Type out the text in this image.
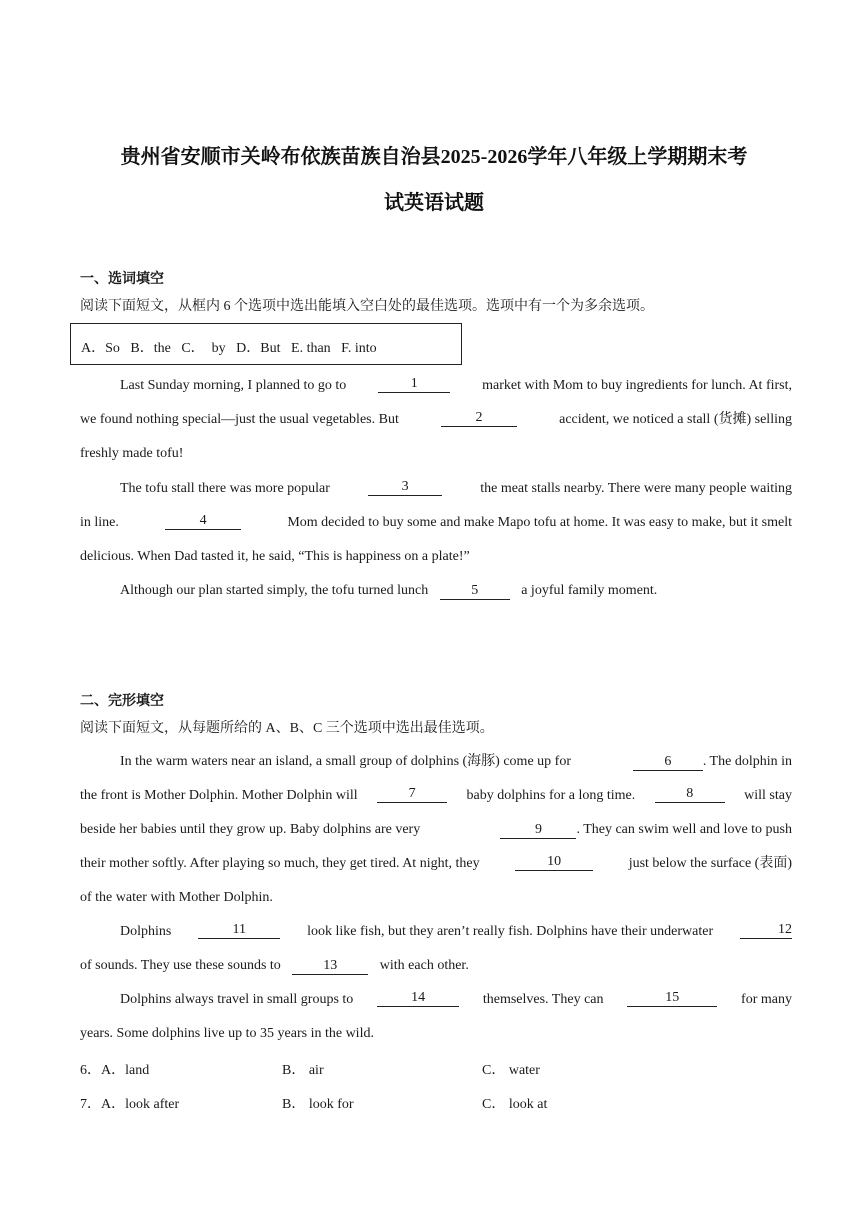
贵州省安顺市关岭布依族苗族自治县2025-2026学年八年级上学期期末考
试英语试题
一、选词填空
阅读下面短文，从框内 6 个选项中选出能填入空白处的最佳选项。选项中有一个为多余选项。
A．So   B．the   C．  by   D．But   E. than   F. into
Last Sunday morning, I planned to go to	1	market with Mom to buy ingredients for lunch. At first,
we found nothing special—just the usual vegetables. But	2	accident, we noticed a stall (货摊) selling
freshly made tofu!
The tofu stall there was more popular	3	the meat stalls nearby. There were many people waiting
in line.	4	Mom decided to buy some and make Mapo tofu at home. It was easy to make, but it smelt
delicious. When Dad tasted it, he said, “This is happiness on a plate!”
Although our plan started simply, the tofu turned lunch	5	a joyful family moment.
二、完形填空
阅读下面短文，从每题所给的 A、B、C 三个选项中选出最佳选项。
In the warm waters near an island, a small group of dolphins (海豚) come up for	6 . The dolphin in
the front is Mother Dolphin. Mother Dolphin will	7	baby dolphins for a long time.	8	will stay
beside her babies until they grow up. Baby dolphins are very	9 . They can swim well and love to push
their mother softly. After playing so much, they get tired. At night, they	10	just below the surface (表面)
of the water with Mother Dolphin.
Dolphins	11	look like fish, but they aren’t really fish. Dolphins have their underwater	12
of sounds. They use these sounds to	13	with each other.
Dolphins always travel in small groups to	14	themselves. They can	15	for many
years. Some dolphins live up to 35 years in the wild.
6．A．land	B． air	C． water
7．A．look after	B． look for	C． look at
